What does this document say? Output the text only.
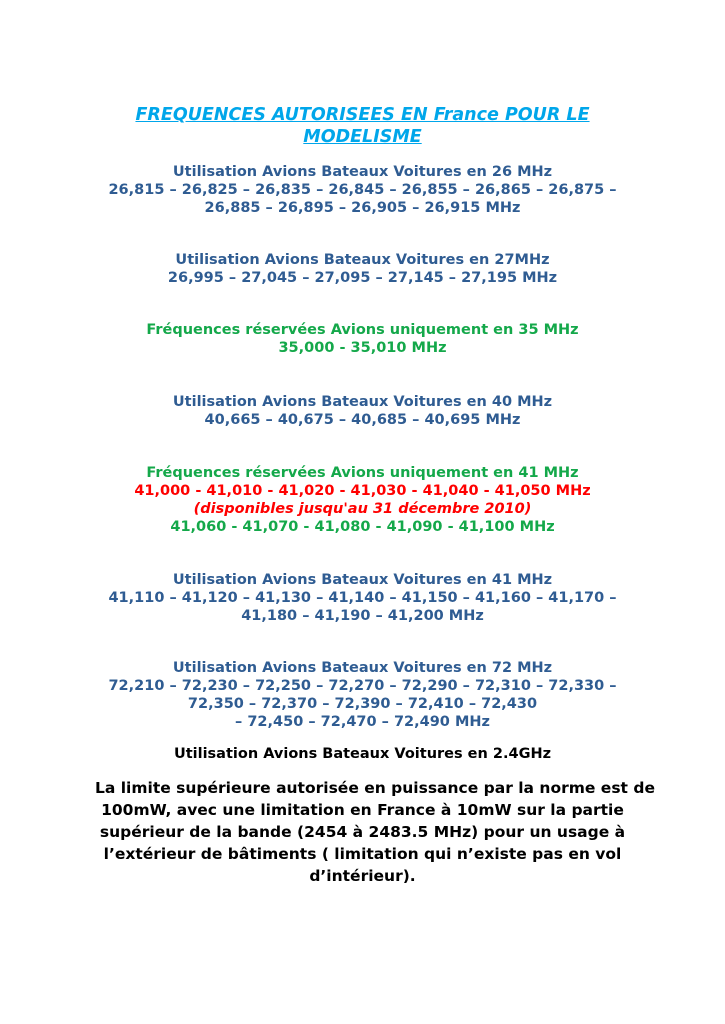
FREQUENCES AUTORISEES EN France POUR LE
MODELISME
Utilisation Avions Bateaux Voitures en 26 MHz
26,815 – 26,825 – 26,835 – 26,845 – 26,855 – 26,865 – 26,875 –
26,885 – 26,895 – 26,905 – 26,915 MHz
Utilisation Avions Bateaux Voitures en 27MHz
26,995 – 27,045 – 27,095 – 27,145 – 27,195 MHz
Fréquences réservées Avions uniquement en 35 MHz
35,000 - 35,010 MHz
Utilisation Avions Bateaux Voitures en 40 MHz
40,665 – 40,675 – 40,685 – 40,695 MHz
Fréquences réservées Avions uniquement en 41 MHz
41,000 - 41,010 - 41,020 - 41,030 - 41,040 - 41,050 MHz
(disponibles jusqu'au 31 décembre 2010)
41,060 - 41,070 - 41,080 - 41,090 - 41,100 MHz
Utilisation Avions Bateaux Voitures en 41 MHz
41,110 – 41,120 – 41,130 – 41,140 – 41,150 – 41,160 – 41,170 –
41,180 – 41,190 – 41,200 MHz
Utilisation Avions Bateaux Voitures en 72 MHz
72,210 – 72,230 – 72,250 – 72,270 – 72,290 – 72,310 – 72,330 –
72,350 – 72,370 – 72,390 – 72,410 – 72,430
– 72,450 – 72,470 – 72,490 MHz
Utilisation Avions Bateaux Voitures en 2.4GHz
La limite supérieure autorisée en puissance par la norme est de
100mW, avec une limitation en France à 10mW sur la partie
supérieur de la bande (2454 à 2483.5 MHz) pour un usage à
l’extérieur de bâtiments ( limitation qui n’existe pas en vol
d’intérieur).
